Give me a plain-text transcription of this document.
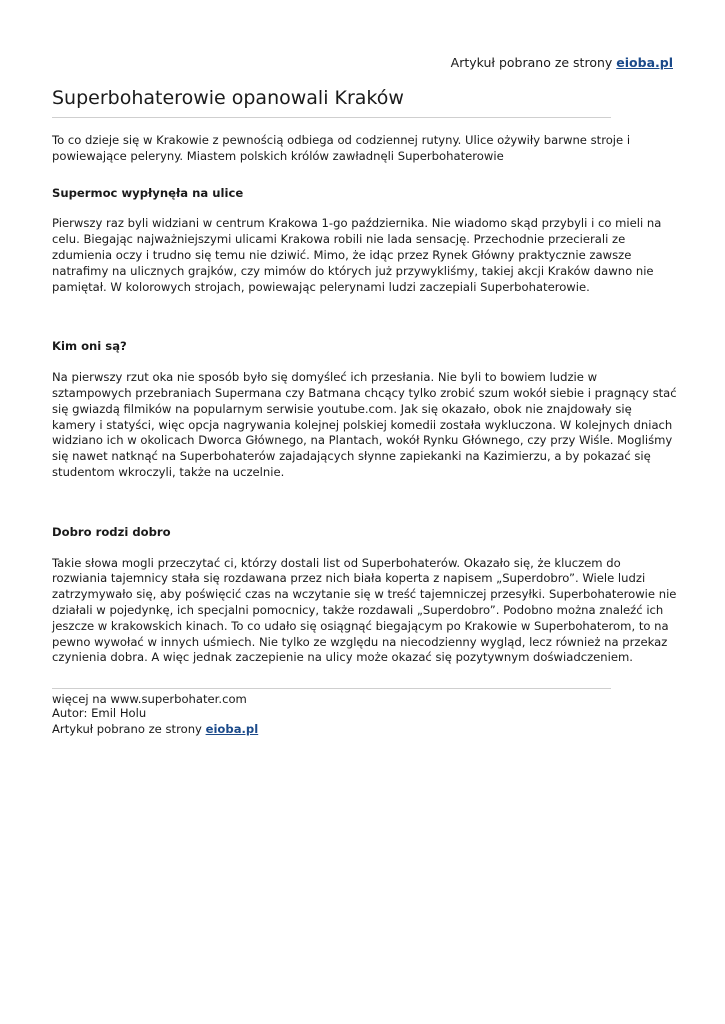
Artykuł pobrano ze strony eioba.pl
Superbohaterowie opanowali Kraków

To co dzieje się w Krakowie z pewnością odbiega od codziennej rutyny. Ulice ożywiły barwne stroje i powiewające peleryny. Miastem polskich królów zawładnęli Superbohaterowie

Supermoc wypłynęła na ulice

Pierwszy raz byli widziani w centrum Krakowa 1-go października. Nie wiadomo skąd przybyli i co mieli na celu. Biegając najważniejszymi ulicami Krakowa robili nie lada sensację. Przechodnie przecierali ze zdumienia oczy i trudno się temu nie dziwić. Mimo, że idąc przez Rynek Główny praktycznie zawsze natrafimy na ulicznych grajków, czy mimów do których już przywykliśmy, takiej akcji Kraków dawno nie pamiętał. W kolorowych strojach, powiewając pelerynami ludzi zaczepiali Superbohaterowie.

Kim oni są?

Na pierwszy rzut oka nie sposób było się domyśleć ich przesłania. Nie byli to bowiem ludzie w sztampowych przebraniach Supermana czy Batmana chcący tylko zrobić szum wokół siebie i pragnący stać się gwiazdą filmików na popularnym serwisie youtube.com. Jak się okazało, obok nie znajdowały się kamery i statyści, więc opcja nagrywania kolejnej polskiej komedii została wykluczona. W kolejnych dniach widziano ich w okolicach Dworca Głównego, na Plantach, wokół Rynku Głównego, czy przy Wiśle. Mogliśmy się nawet natknąć na Superbohaterów zajadających słynne zapiekanki na Kazimierzu, a by pokazać się studentom wkroczyli, także na uczelnie.

Dobro rodzi dobro

Takie słowa mogli przeczytać ci, którzy dostali list od Superbohaterów. Okazało się, że kluczem do rozwiania tajemnicy stała się rozdawana przez nich biała koperta z napisem „Superdobro”. Wiele ludzi zatrzymywało się, aby poświęcić czas na wczytanie się w treść tajemniczej przesyłki. Superbohaterowie nie działali w pojedynkę, ich specjalni pomocnicy, także rozdawali „Superdobro”. Podobno można znaleźć ich jeszcze w krakowskich kinach. To co udało się osiągnąć biegającym po Krakowie w Superbohaterom, to na pewno wywołać w innych uśmiech. Nie tylko ze względu na niecodzienny wygląd, lecz również na przekaz czynienia dobra. A więc jednak zaczepienie na ulicy może okazać się pozytywnym doświadczeniem.

więcej na www.superbohater.com

Autor: Emil Holu
Artykuł pobrano ze strony eioba.pl
